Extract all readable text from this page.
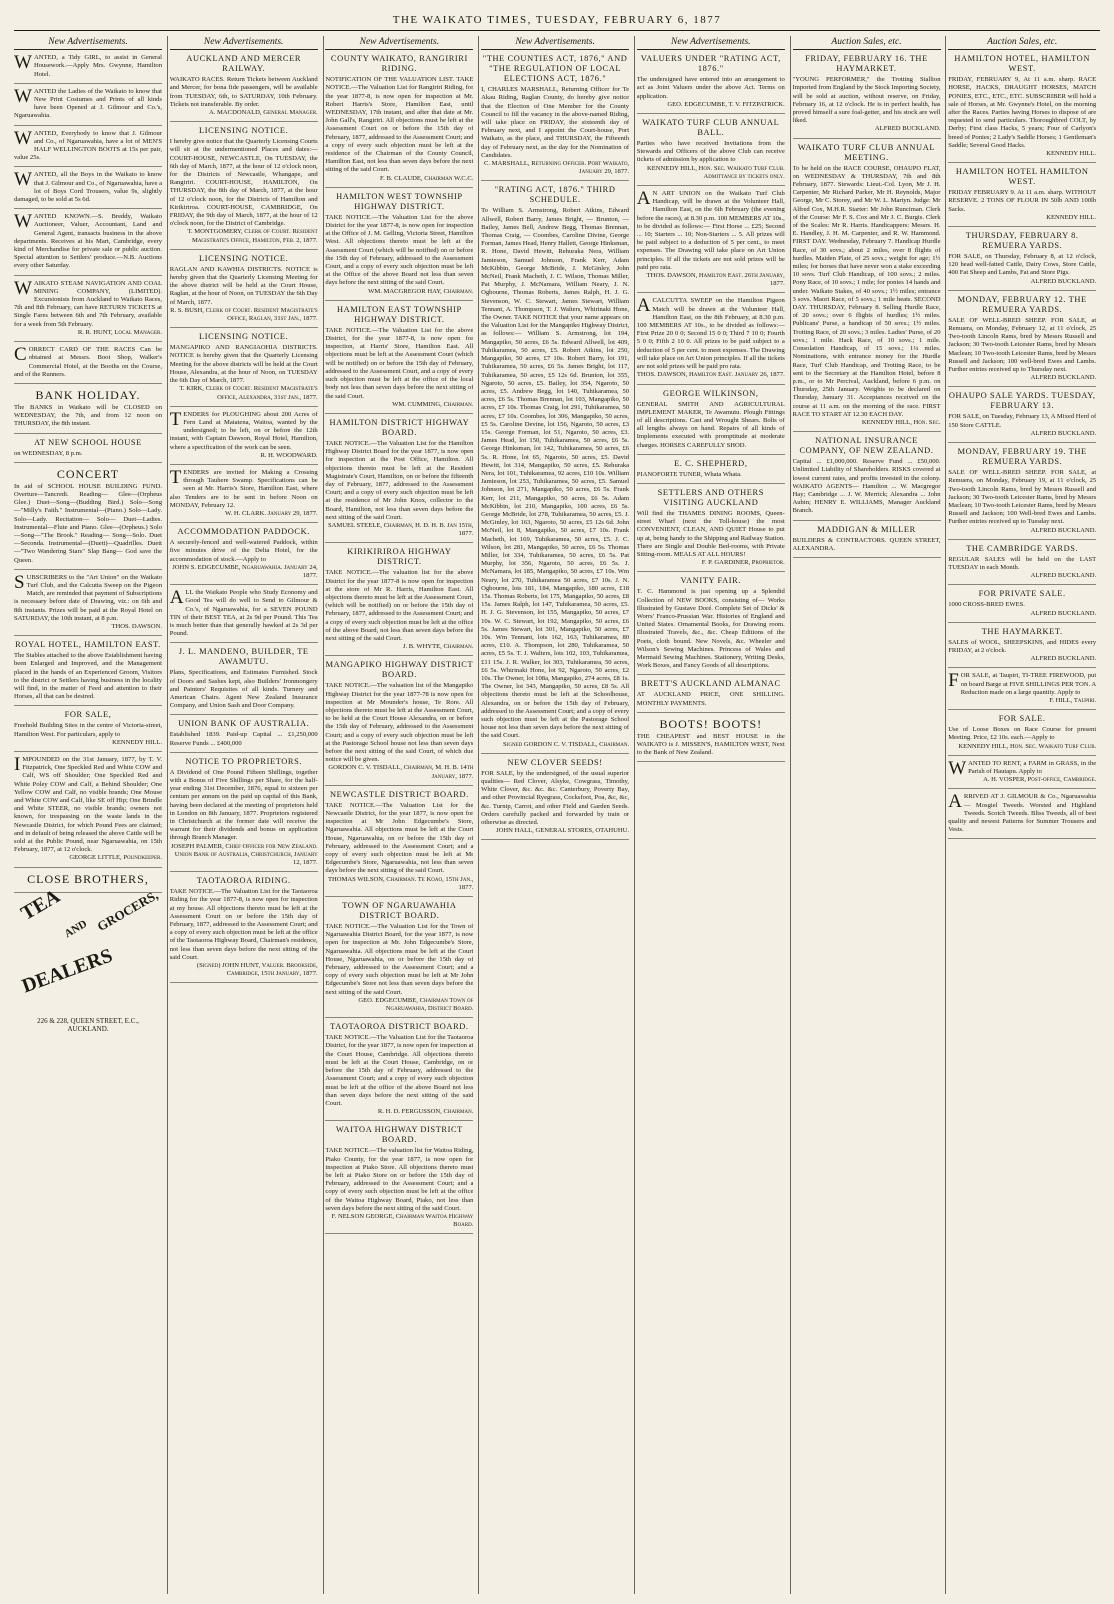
THE WAIKATO TIMES, TUESDAY, FEBRUARY 6, 1877
New Advertisements.
WANTED, a Tidy GIRL, to assist in General Housework.—Apply Mrs. Gwynne, Hamilton Hotel.
WANTED the Ladies of the Waikato to know that New Print Costumes and Prints of all kinds have been Opened at J. Gilmour and Co.'s, Ngaruawahia.
WANTED, Everybody to know that J. Gilmour and Co., of Ngaruawahia, have a lot of MEN'S HALF WELLINGTON BOOTS at 15s per pair, value 25s.
WANTED, all the Boys in the Waikato to know that J. Gilmour and Co., of Ngaruawahia, have a lot of Boys Cord Trousers, value 9s, slightly damaged, to be sold at 5s 6d.
WANTED KNOWN.—S. Breddy, Waikato Auctioneer, Valuer, Accountant, Land and General Agent, transacts business in the above departments. Receives at his Mart, Cambridge, every kind of Merchandise for private sale or public auction. Special attention to Settlers' produce.—N.B. Auctions every other Saturday.
WAIKATO STEAM NAVIGATION AND COAL MINING COMPANY, (LIMITED). Excursionists from Auckland to Waikato Races, 7th and 8th February, can have RETURN TICKETS at Single Fares between 6th and 7th February, available for a week from 5th February.
R. R. HUNT, Local Manager.
CORRECT CARD OF THE RACES Can be obtained at Messrs. Boot Shop, Walker's Commercial Hotel, at the Booths on the Course, and of the Runners.
BANK HOLIDAY.
The BANKS in Waikato will be CLOSED on WEDNESDAY, the 7th, and from 12 noon on THURSDAY, the 8th instant.
AT NEW SCHOOL HOUSE
on WEDNESDAY, 8 p.m.
CONCERT
In aid of SCHOOL HOUSE BUILDING FUND. Overture—Tancredi. Reading— Glee—(Orpheus Glee.) Duet—Song—(Budding Bird.) Solo—Song—"Milly's Faith." Instrumental—(Piano.) Solo—Lady. Solo—Lady. Recitation— Solo— Duet—Ladies. Instrumental—Flute and Piano. Glee—(Orpheus.) Solo—Song—"The Brook." Reading— Song—Solo. Duet—Seconda. Instrumental—(Duett)—Quadrilles. Duett—"Two Wandering Stars" Slap Bang— God save the Queen.
SUBSCRIBERS to the "Art Union" on the Waikato Turf Club, and the Calcutta Sweep on the Pigeon Match, are reminded that payment of Subscriptions is necessary before date of Drawing, viz.: on 6th and 8th instants. Prizes will be paid at the Royal Hotel on SATURDAY, the 10th instant, at 8 p.m.
THOS. DAWSON.
ROYAL HOTEL, HAMILTON EAST.
The Stables attached to the above Establishment having been Enlarged and Improved, and the Management placed in the hands of an Experienced Groom, Visitors to the district or Settlers having business in the locality will find, in the matter of Feed and attention to their Horses, all that can be desired.
FOR SALE,
Freehold Building Sites in the centre of Victoria-street, Hamilton West. For particulars, apply to
KENNEDY HILL.
IMPOUNDED on the 31st January, 1877, by T. V. Fitzpatrick, One Speckled Red and White COW and Calf, WS off Shoulder; One Speckled Red and White Poley COW and Calf, a Behind Shoulder; One Yellow COW and Calf, no visible brands; One Mouse and White COW and Calf, like SE off Hip; One Brindle and White STEER, no visible brands; owners not known, for trespassing on the waste lands in the Newcastle District, for which Pound Fees are claimed; and in default of being released the above Cattle will be sold at the Public Pound, near Ngaruawahia, on 15th February, 1877, at 12 o'clock.
GEORGE LITTLE, Poundkeeper.
CLOSE BROTHERS,
TEA
AND GROCERS,
DEALERS
226 & 228, QUEEN STREET, E.C.,
AUCKLAND.
New Advertisements.
AUCKLAND AND MERCER RAILWAY.
WAIKATO RACES. Return Tickets between Auckland and Mercer, for bona fide passengers, will be available from TUESDAY, 6th, to SATURDAY, 10th February. Tickets not transferable. By order.
A. MACDONALD, General Manager.
LICENSING NOTICE.
I hereby give notice that the Quarterly Licensing Courts will sit at the undermentioned Places and dates:— COURT-HOUSE, NEWCASTLE, On TUESDAY, the 6th day of March, 1877, at the hour of 12 o'clock noon, for the Districts of Newcastle, Whangape, and Rangiriri. COURT-HOUSE, HAMILTON, On THURSDAY, the 8th day of March, 1877, at the hour of 12 o'clock noon, for the Districts of Hamilton and Kirikiriroa. COURT-HOUSE, CAMBRIDGE, On FRIDAY, the 9th day of March, 1877, at the hour of 12 o'clock noon, for the District of Cambridge.
T. MONTGOMERY, Clerk of Court. Resident Magistrate's Office, Hamilton, Feb. 2, 1877.
LICENSING NOTICE.
RAGLAN AND KAWHIA DISTRICTS. NOTICE is hereby given that the Quarterly Licensing Meeting for the above district will be held at the Court House, Raglan, at the hour of Noon, on TUESDAY the 6th Day of March, 1877.
R. S. BUSH, Clerk of Court. Resident Magistrate's Office, Raglan, 31st Jan., 1877.
LICENSING NOTICE.
MANGAPIKO AND RANGIAOHIA DISTRICTS. NOTICE is hereby given that the Quarterly Licensing Meeting for the above districts will be held at the Court House, Alexandra, at the hour of Noon, on TUESDAY the 6th Day of March, 1877.
T. KIRK, Clerk of Court. Resident Magistrate's Office, Alexandra, 31st Jan., 1877.
TENDERS for PLOUGHING about 200 Acres of Fern Land at Matatena, Waitoa, wanted by the undersigned; to be left, on or before the 12th instant, with Captain Dawson, Royal Hotel, Hamilton, where a specification of the work can be seen.
R. H. WOODWARD.
TENDERS are invited for Making a Crossing through Tauhere Swamp. Specifications can be seen at Mr. Harris's Store, Hamilton East, where also Tenders are to be sent in before Noon on MONDAY, February 12.
W. H. CLARK. January 29, 1877.
ACCOMMODATION PADDOCK.
A securely-fenced and well-watered Paddock, within five minutes drive of the Delta Hotel, for the accommodation of stock.—Apply to
JOHN S. EDGECUMBE, Ngaruawahia. January 24, 1877.
ALL the Waikato People who Study Economy and Good Tea will do well to Send to Gilmour & Co.'s, of Ngaruawahia, for a SEVEN POUND TIN of their BEST TEA, at 2s 9d per Pound. This Tea is much better than that generally hawked at 2s 3d per Pound.
J. L. MANDENO, BUILDER, TE AWAMUTU.
Plans, Specifications, and Estimates Furnished. Stock of Doors and Sashes kept, also Builders' Ironmongery and Painters' Requisites of all kinds. Turnery and American Chairs. Agent New Zealand Insurance Company, and Union Sash and Door Company.
UNION BANK OF AUSTRALIA.
Established 1839. Paid-up Capital ... £1,250,000 Reserve Funds ... £400,000
NOTICE TO PROPRIETORS.
A Dividend of One Pound Fifteen Shillings, together with a Bonus of Five Shillings per Share, for the half-year ending 31st December, 1876, equal to sixteen per centum per annum on the paid up capital of this Bank, having been declared at the meeting of proprietors held in London on 8th January, 1877. Proprietors registered in Christchurch at the former date will receive the warrant for their dividends and bonus on application through Branch Manager.
JOSEPH PALMER, Chief Officer for New Zealand. Union Bank of Australia, Christchurch, January 12, 1877.
TAOTAOROA RIDING.
TAKE NOTICE.—The Valuation List for the Taotaoroa Riding for the year 1877-8, is now open for inspection at my house. All objections thereto must be left at the Assessment Court on or before the 15th day of February, 1877, addressed to the Assessment Court; and a copy of every such objection must be left at the office of the Taotaoroa Highway Board, Chairman's residence, not less than seven days before the next sitting of the said Court.
(Signed) JOHN HUNT, Valuer. Brookside, Cambridge, 15th January, 1877.
New Advertisements.
COUNTY WAIKATO, RANGIRIRI RIDING.
NOTIFICATION OF THE VALUATION LIST. TAKE NOTICE.—The Valuation List for Rangiriri Riding, for the year 1877-8, is now open for inspection at Mr. Robert Harris's Store, Hamilton East, until WEDNESDAY, 17th instant, and after that date at Mr. John Gall's, Rangiriri. All objections must be left at the Assessment Court on or before the 15th day of February, 1877, addressed to the Assessment Court; and a copy of every such objection must be left at the residence of the Chairman of the County Council, Hamilton East, not less than seven days before the next sitting of the said Court.
F. B. CLAUDE, Chairman W.C.C.
HAMILTON WEST TOWNSHIP HIGHWAY DISTRICT.
TAKE NOTICE.—The Valuation List for the above District for the year 1877-8, is now open for inspection at the Office of J. M. Gelling, Victoria Street, Hamilton West. All objections thereto must be left at the Assessment Court (which will be notified) on or before the 15th day of February, addressed to the Assessment Court, and a copy of every such objection must be left at the Office of the above Board not less than seven days before the next sitting of the said Court.
WM. MACGREGOR HAY, Chairman.
HAMILTON EAST TOWNSHIP HIGHWAY DISTRICT.
TAKE NOTICE.—The Valuation List for the above District, for the year 1877-8, is now open for inspection, at Harris' Store, Hamilton East. All objections must be left at the Assessment Court (which will be notified) on or before the 15th day of February, addressed to the Assessment Court, and a copy of every such objection must be left at the office of the local body not less than seven days before the next sitting of the said Court.
WM. CUMMING, Chairman.
HAMILTON DISTRICT HIGHWAY BOARD.
TAKE NOTICE.—The Valuation List for the Hamilton Highway District Board for the year 1877, is now open for inspection at the Post Office, Hamilton. All objections thereto must be left at the Resident Magistrate's Court, Hamilton, on or before the fifteenth day of February, 1877, addressed to the Assessment Court; and a copy of every such objection must be left at the residence of Mr John Knox, collector to the Board, Hamilton, not less than seven days before the next sitting of the said Court.
SAMUEL STEELE, Chairman, H. D. H. B. Jan 15th, 1877.
KIRIKIRIROA HIGHWAY DISTRICT.
TAKE NOTICE.—The valuation list for the above District for the year 1877-8 is now open for inspection at the store of Mr R. Harris, Hamilton East. All objections thereto must be left at the Assessment Court, (which will be notified) on or before the 15th day of February, 1877, addressed to the Assessment Court; and a copy of every such objection must be left at the office of the above Board, not less than seven days before the next sitting of the said Court.
J. B. WHYTE, Chairman.
MANGAPIKO HIGHWAY DISTRICT BOARD.
TAKE NOTICE.—The valuation list of the Mangapiko Highway District for the year 1877-78 is now open for inspection at Mr Mounder's house, Te Rore. All objections thereto must be left at the Assessment Court, to be held at the Court House Alexandra, on or before the 15th day of February, addressed to the Assessment Court; and a copy of every such objection must be left at the Pastorage School house not less than seven days before the next sitting of the said Court, of which due notice will be given.
GORDON C. V. TISDALL, Chairman, M. H. B. 14th January, 1877.
NEWCASTLE DISTRICT BOARD.
TAKE NOTICE.—The Valuation List for the Newcastle District, for the year 1877, is now open for inspection at Mr John Edgecumbe's Store, Ngaruawahia. All objections must be left at the Court House, Ngaruawahia, on or before the 15th day of February, addressed to the Assessment Court; and a copy of every such objection must be left at Mr Edgecumbe's Store, Ngaruawahia, not less than seven days before the next sitting of the said Court.
THOMAS WILSON, Chairman. Te Koao, 15th Jan., 1877.
TOWN OF NGARUAWAHIA DISTRICT BOARD.
TAKE NOTICE.—The Valuation List for the Town of Ngaruawahia District Board, for the year 1877, is now open for inspection at Mr. John Edgecumbe's Store, Ngaruawahia. All objections must be left at the Court House, Ngaruawahia, on or before the 15th day of February, addressed to the Assessment Court; and a copy of every such objection must be left at Mr John Edgecumbe's Store not less than seven days before the next sitting of the said Court.
GEO. EDGECUMBE, Chairman Town of Ngaruawahia, District Board.
TAOTAOROA DISTRICT BOARD.
TAKE NOTICE.—The Valuation List for the Taotaoroa District, for the year 1877, is now open for inspection at the Court House, Cambridge. All objections thereto must be left at the Court House, Cambridge, on or before the 15th day of February, addressed to the Assessment Court; and a copy of every such objection must be left at the office of the above Board not less than seven days before the next sitting of the said Court.
R. H. D. FERGUSSON, Chairman.
WAITOA HIGHWAY DISTRICT BOARD.
TAKE NOTICE.—The valuation list for Waitoa Riding, Piako County, for the year 1877, is now open for inspection at Piako Store. All objections thereto must be left at Piako Store on or before the 15th day of February, addressed to the Assessment Court; and a copy of every such objection must be left at the office of the Waitoa Highway Board, Piako, not less than seven days before the next sitting of the said Court.
F. NELSON GEORGE, Chairman Waitoa Highway Board.
New Advertisements.
"THE COUNTIES ACT, 1876," AND "THE REGULATION OF LOCAL ELECTIONS ACT, 1876."
I, CHARLES MARSHALL, Returning Officer for Te Akau Riding, Raglan County, do hereby give notice that the Election of One Member for the County Council to fill the vacancy in the above-named Riding, will take place on FRIDAY, the sixteenth day of February next, and I appoint the Court-house, Port Waikato, as the place, and THURSDAY, the Fifteenth day of February next, as the day for the Nomination of Candidates.
C. MARSHALL, Returning Officer. Port Waikato, January 29, 1877.
"RATING ACT, 1876." THIRD SCHEDULE.
To William S. Armstrong, Robert Atkins, Edward Allwell, Robert Barry, James Bright, — Brunton, — Bailey, James Bell, Andrew Begg, Thomas Brennan, Thomas Craig, — Coombes, Caroline Divine, George Forman, James Head, Henry Hallett, George Hinksman, R. Hone, David Hewitt, Rehuraka Nera, William Jamieson, Samuel Johnson, Frank Kerr, Adam McKibbin, George McBride, J. McGinley, John McNeil, Frank Macbeth, J. C. Wilson, Thomas Miller, Pat Murphy, J. McNamara, William Neary, J. N. Ogbourne, Thomas Roberts, James Ralph, H. J. G. Stevenson, W. C. Stewart, James Stewart, William Tennant, A. Thompson, T. J. Walters, Whirinaki Hone, The Owner. TAKE NOTICE that your name appears on the Valuation List for the Mangapiko Highway District, as follows:— William S. Armstrong, lot 194, Mangapiko, 50 acres, £6 5s. Edward Allwell, lot 409, Tuhikaramea, 50 acres, £5. Robert Atkins, lot 250, Mangapiko, 50 acres, £7 10s. Robert Barry, lot 191, Tuhikaramea, 50 acres, £6 5s. James Bright, lot 117, Tuhikaramea, 50 acres, £5 12s 6d. Brunton, lot 355, Ngaroto, 50 acres, £5. Bailey, lot 354, Ngaroto, 50 acres, £5. Andrew Begg, lot 140, Tuhikaramea, 50 acres, £6 5s. Thomas Brennan, lot 103, Mangapiko, 50 acres, £7 10s. Thomas Craig, lot 291, Tuhikaramea, 50 acres, £7 10s. Coombes, lot 306, Mangapiko, 50 acres, £5 5s. Caroline Devine, lot 156, Ngaroto, 50 acres, £3 15s. George Forman, lot 51, Ngaroto, 50 acres, £3. James Head, lot 150, Tuhikaramea, 50 acres, £6 5s. George Hinksman, lot 142, Tuhikaramea, 50 acres, £6 5s. R. Hone, lot 65, Ngaroto, 50 acres, £5. David Hewitt, lot 314, Mangapiko, 50 acres, £5. Rehuraka Nera, lot 101, Tuhikaramea, 92 acres, £10 10s. William Jamieson, lot 253, Tuhikaramea, 50 acres, £5. Samuel Johnson, lot 271, Mangapiko, 50 acres, £6 5s. Frank Kerr, lot 211, Mangapiko, 50 acres, £6 5s. Adam McKibbin, lot 210, Mangapiko, 100 acres, £6 5s. George McBride, lot 278, Tuhikaramea, 50 acres, £5. J. McGinley, lot 163, Ngaroto, 50 acres, £5 12s 6d. John McNeil, lot 8, Mangapiko, 50 acres, £7 10s. Frank Macbeth, lot 169, Tuhikaramea, 50 acres, £5. J. C. Wilson, lot 281, Mangapiko, 50 acres, £6 5s. Thomas Miller, lot 334, Tuhikaramea, 50 acres, £6 5s. Pat Murphy, lot 356, Ngaroto, 50 acres, £6 5s. J. McNamara, lot 185, Mangapiko, 50 acres, £7 10s. Wm Neary, lot 270, Tuhikaramea 50 acres, £7 10s. J. N. Ogbourne, lots 181, 184, Mangapiko, 180 acres, £18 15s. Thomas Roberts, lot 175, Mangapiko, 50 acres, £8 15s. James Ralph, lot 147, Tuhikaramea, 50 acres, £5. H. J. G. Stevenson, lot 155, Mangapiko, 50 acres, £7 10s. W. C. Stewart, lot 192, Mangapiko, 50 acres, £6 5s. James Stewart, lot 301, Mangapiko, 50 acres, £7 10s. Wm Tennant, lots 162, 163, Tuhikaramea, 80 acres, £10. A. Thompson, lot 280, Tuhikaramea, 50 acres, £5 5s. T. J. Walters, lots 102, 103, Tuhikaramea, £11 15s. J. R. Walker, lot 303, Tuhikaramea, 50 acres, £6 5s. Whirinaki Hone, lot 92, Ngaroto, 50 acres, £2 10s. The Owner, lot 108a, Mangapiko, 274 acres, £8 1s. The Owner, lot 343, Mangapiko, 50 acres, £8 5s. All objections thereto must be left at the Schoolhouse, Alexandra, on or before the 15th day of February, addressed to the Assessment Court; and a copy of every such objection must be left at the Pastorage School house not less than seven days before the next sitting of the said Court.
Signed GORDON C. V. TISDALL, Chairman.
NEW CLOVER SEEDS!
FOR SALE, by the undersigned, of the usual superior qualities— Red Clover, Alsyke, Cowgrass, Timothy, White Clover, &c. &c. &c. Canterbury, Poverty Bay, and other Provincial Ryegrass, Cocksfoot, Poa, &c, &c, &c. Turnip, Carrot, and other Field and Garden Seeds. Orders carefully packed and forwarded by train or otherwise as directed.
JOHN HALL, GENERAL STORES, OTAHUHU.
New Advertisements.
VALUERS UNDER "RATING ACT, 1876."
The undersigned have entered into an arrangement to act as Joint Valuers under the above Act. Terms on application.
GEO. EDGECUMBE, T. V. FITZPATRICK.
WAIKATO TURF CLUB ANNUAL BALL.
Parties who have received Invitations from the Stewards and Officers of the above Club can receive tickets of admission by application to
KENNEDY HILL, Hon. Sec. Waikato Turf Club. Admittance by tickets only.
A N ART UNION on the Waikato Turf Club Handicap, will be drawn at the Volunteer Hall, Hamilton East, on the 6th February (the evening before the races), at 8.30 p.m. 100 MEMBERS AT 10s., to be divided as follows:— First Horse ... £25; Second ... 10; Starters ... 10; Non-Starters ... 5. All prizes will be paid subject to a deduction of 5 per cent., to meet expenses. The Drawing will take place on Art Union principles. If all the tickets are not sold prizes will be paid pro rata.
THOS. DAWSON, Hamilton East. 26th January, 1877.
ACALCUTTA SWEEP on the Hamilton Pigeon Match will be drawn at the Volunteer Hall, Hamilton East, on the 8th February, at 8.30 p.m. 100 MEMBERS AT 10s., to be divided as follows:— First Prize 20 0 0; Second 15 0 0; Third 7 10 0; Fourth 5 0 0; Fifth 2 10 0. All prizes to be paid subject to a deduction of 5 per cent. to meet expenses. The Drawing will take place on Art Union principles. If all the tickets are not sold prizes will be paid pro rata.
THOS. DAWSON, Hamilton East. January 26, 1877.
GEORGE WILKINSON,
GENERAL SMITH AND AGRICULTURAL IMPLEMENT MAKER, Te Awamutu. Plough Fittings of all descriptions. Cast and Wrought Shears. Bolts of all lengths always on hand. Repairs of all kinds of Implements executed with promptitude at moderate charges. HORSES CAREFULLY SHOD.
E. C. SHEPHERD,
PIANOFORTE TUNER, Whata Whata.
SETTLERS AND OTHERS VISITING AUCKLAND
Will find the THAMES DINING ROOMS, Queen-street Wharf (next the Toll-house) the most CONVENIENT, CLEAN, AND QUIET House to put up at, being handy to the Shipping and Railway Station. There are Single and Double Bed-rooms, with Private Sitting-room. MEALS AT ALL HOURS!
F. P. GARDINER, Proprietor.
VANITY FAIR.
T. C. Hammond is just opening up a Splendid Collection of NEW BOOKS, consisting of— Works Illustrated by Gustave Doré. Complete Set of Dicks' & Worrs' Franco-Prussian War. Histories of England and United States. Ornamental Books, for Drawing room. Illustrated Travels, &c., &c. Cheap Editions of the Poets, cloth bound. New Novels, &c. Wheeler and Wilson's Sewing Machines. Princess of Wales and Mermaid Sewing Machines. Stationery, Writing Desks, Work Boxes, and Fancy Goods of all descriptions.
BRETT'S AUCKLAND ALMANAC
AT AUCKLAND PRICE, ONE SHILLING. MONTHLY PAYMENTS.
BOOTS! BOOTS!
THE CHEAPEST and BEST HOUSE in the WAIKATO is J. MISSEN'S, HAMILTON WEST, Next to the Bank of New Zealand.
Auction Sales, etc.
FRIDAY, FEBRUARY 16. THE HAYMARKET.
"YOUNG PERFORMER," the Trotting Stallion Imported from England by the Stock Importing Society, will be sold at auction, without reserve, on Friday, February 16, at 12 o'clock. He is in perfect health, has proved himself a sure foal-getter, and his stock are well liked.
ALFRED BUCKLAND.
WAIKATO TURF CLUB ANNUAL MEETING.
To be held on the RACE COURSE, OHAUPO FLAT, on WEDNESDAY & THURSDAY, 7th and 8th February, 1877. Stewards: Lieut.-Col. Lyon, Mr J. H. Carpenter, Mr Richard Parker, Mr H. Reynolds, Major George, Mr C. Storey, and Mr W. L. Martyn. Judge: Mr Alfred Cox, M.H.R. Starter: Mr John Runciman. Clerk of the Course: Mr F. S. Cox and Mr J. C. Burgis. Clerk of the Scales: Mr R. Harris. Handicappers: Messrs. H. E. Handley, J. H. M. Carpenter, and R. W. Hammond. FIRST DAY. Wednesday, February 7. Handicap Hurdle Race, of 30 sovs.; about 2 miles, over 8 flights of hurdles. Maiden Plate, of 25 sovs.; weight for age; 1½ miles; for horses that have never won a stake exceeding 10 sovs. Turf Club Handicap, of 100 sovs.; 2 miles. Pony Race, of 10 sovs.; 1 mile; for ponies 14 hands and under. Waikato Stakes, of 40 sovs.; 1½ miles; entrance 3 sovs. Maori Race, of 5 sovs.; 1 mile heats. SECOND DAY. THURSDAY, February 8. Selling Hurdle Race, of 20 sovs.; over 6 flights of hurdles; 1½ miles. Publicans' Purse, a handicap of 50 sovs.; 1½ miles. Trotting Race, of 20 sovs.; 3 miles. Ladies' Purse, of 20 sovs.; 1 mile. Hack Race, of 10 sovs.; 1 mile. Consolation Handicap, of 15 sovs.; 1¼ miles. Nominations, with entrance money for the Hurdle Race, Turf Club Handicap, and Trotting Race, to be sent to the Secretary at the Hamilton Hotel, before 8 p.m., or to Mr Percival, Auckland, before 6 p.m. on Thursday, 25th January. Weights to be declared on Thursday, January 31. Acceptances received on the course at 11 a.m. on the morning of the race. FIRST RACE TO START AT 12.30 EACH DAY.
KENNEDY HILL, Hon. Sec.
NATIONAL INSURANCE COMPANY, OF NEW ZEALAND.
Capital ... £1,000,000. Reserve Fund ... £50,000. Unlimited Liability of Shareholders. RISKS covered at lowest current rates, and profits invested in the colony. WAIKATO AGENTS— Hamilton ... W. Macgregor Hay; Cambridge ... J. W. Merrick; Alexandra ... John Aubin; HENRY E. WILLIAMS, Manager Auckland Branch.
MADDIGAN & MILLER
BUILDERS & CONTRACTORS. QUEEN STREET, ALEXANDRA.
Auction Sales, etc.
HAMILTON HOTEL, HAMILTON WEST.
FRIDAY, FEBRUARY 9, At 11 a.m. sharp. RACE HORSE, HACKS, DRAUGHT HORSES, MATCH PONIES, ETC., ETC., ETC. SUBSCRIBER will hold a sale of Horses, at Mr. Gwynne's Hotel, on the morning after the Races. Parties having Horses to dispose of are requested to send particulars. Thoroughbred COLT, by Derby; First class Hacks, 5 years; Four of Carlyon's breed of Ponies; 2 Lady's Saddle Horses; 1 Gentleman's Saddle; Several Good Hacks.
KENNEDY HILL.
HAMILTON HOTEL HAMILTON WEST.
FRIDAY FEBRUARY 9. At 11 a.m. sharp. WITHOUT RESERVE. 2 TONS OF FLOUR IN 50lb AND 100lb Sacks.
KENNEDY HILL.
THURSDAY, FEBRUARY 8. REMUERA YARDS.
FOR SALE, on Thursday, February 8, at 12 o'clock, 120 head well-fatted Cattle, Dairy Cows, Store Cattle, 400 Fat Sheep and Lambs, Fat and Store Pigs.
ALFRED BUCKLAND.
MONDAY, FEBRUARY 12. THE REMUERA YARDS.
SALE OF WELL-BRED SHEEP. FOR SALE, at Remuera, on Monday, February 12, at 11 o'clock, 25 Two-tooth Lincoln Rams, bred by Messrs Russell and Jackson; 30 Two-tooth Leicester Rams, bred by Messrs Maclean; 10 Two-tooth Leicester Rams, bred by Messrs Russell and Jackson; 100 well-bred Ewes and Lambs. Further entries received up to Thursday next.
ALFRED BUCKLAND.
OHAUPO SALE YARDS. TUESDAY, FEBRUARY 13.
FOR SALE, on Tuesday, February 13, A Mixed Herd of 150 Store CATTLE.
ALFRED BUCKLAND.
MONDAY, FEBRUARY 19. THE REMUERA YARDS.
SALE OF WELL-BRED SHEEP. FOR SALE, at Remuera, on Monday, February 19, at 11 o'clock, 25 Two-tooth Lincoln Rams, bred by Messrs Russell and Jackson; 30 Two-tooth Leicester Rams, bred by Messrs Maclean; 10 Two-tooth Leicester Rams, bred by Messrs Russell and Jackson; 100 Well-bred Ewes and Lambs. Further entries received up to Tuesday next.
ALFRED BUCKLAND.
THE CAMBRIDGE YARDS.
REGULAR SALES will be held on the LAST TUESDAY in each Month.
ALFRED BUCKLAND.
FOR PRIVATE SALE.
1000 CROSS-BRED EWES.
ALFRED BUCKLAND.
THE HAYMARKET.
SALES of WOOL, SHEEPSKINS, and HIDES every FRIDAY, at 2 o'clock.
ALFRED BUCKLAND.
FOR SALE, at Taupiri, TI-TREE FIREWOOD, put on board Barge at FIVE SHILLINGS PER TON. A Reduction made on a large quantity. Apply to
F. HILL, Taupiri.
FOR SALE.
Use of Loose Boxes on Race Course for present Meeting. Price, £2 10s. each.—Apply to
KENNEDY HILL, Hon. Sec. Waikato Turf Club.
WANTED TO RENT, a FARM in GRASS, in the Parish of Hautapu. Apply to
A. H. VOSPER, Post-office, Cambridge.
ARRIVED AT J. GILMOUR & Co., Ngaruawahia— Mosgiel Tweeds. Worsted and Highland Tweeds. Scotch Tweeds. Bliss Tweeds, all of best quality and newest Patterns for Summer Trousers and Vests.
